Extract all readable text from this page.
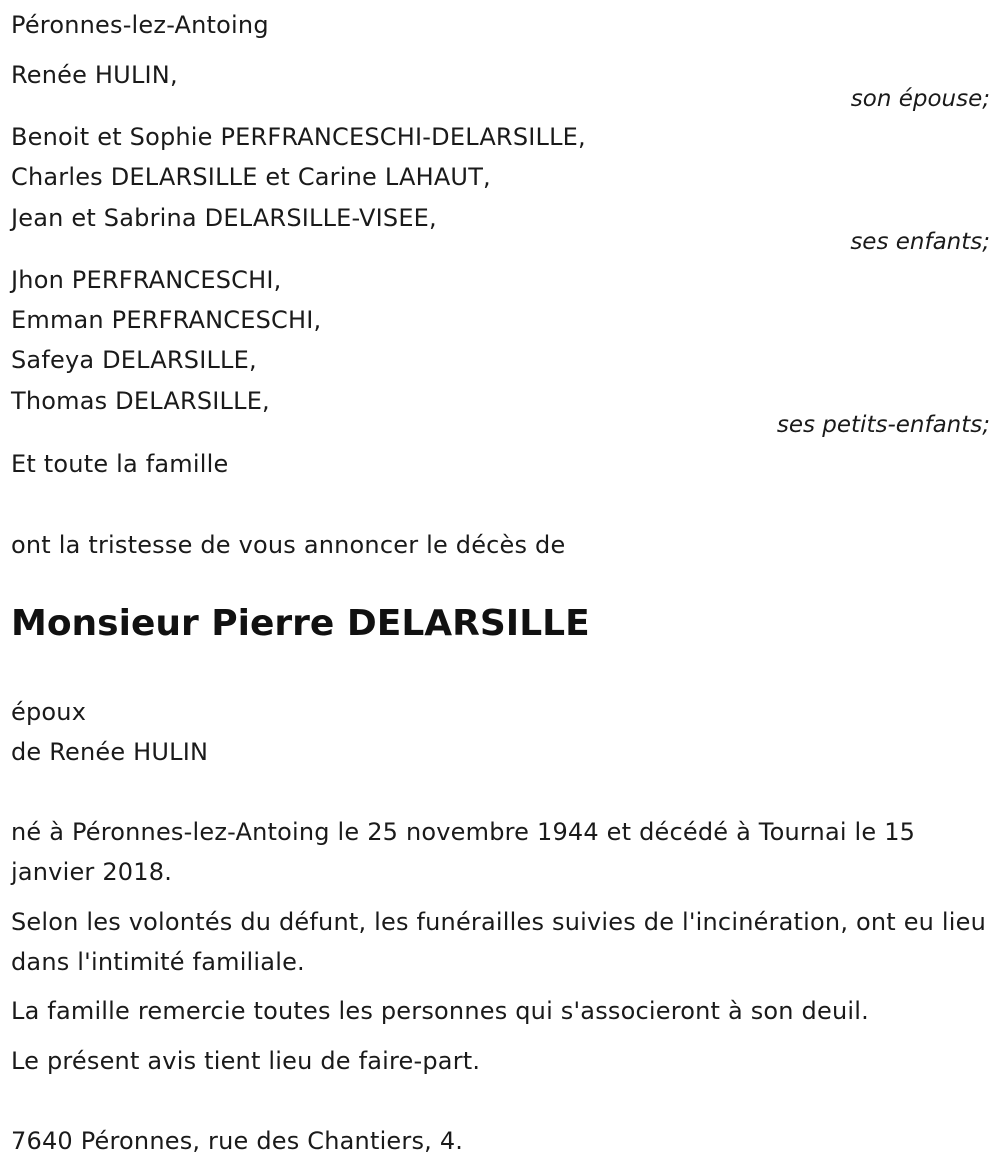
Péronnes-lez-Antoing
Renée HULIN,
son épouse;
Benoit et Sophie PERFRANCESCHI-DELARSILLE,
Charles DELARSILLE et Carine LAHAUT,
Jean et Sabrina DELARSILLE-VISEE,
ses enfants;
Jhon PERFRANCESCHI,
Emman PERFRANCESCHI,
Safeya DELARSILLE,
Thomas DELARSILLE,
ses petits-enfants;
Et toute la famille
ont la tristesse de vous annoncer le décès de
Monsieur Pierre DELARSILLE
époux
de Renée HULIN
né à Péronnes-lez-Antoing le 25 novembre 1944 et décédé à Tournai le 15 janvier 2018.
Selon les volontés du défunt, les funérailles suivies de l'incinération, ont eu lieu dans l'intimité familiale.
La famille remercie toutes les personnes qui s'associeront à son deuil.
Le présent avis tient lieu de faire-part.
7640 Péronnes, rue des Chantiers, 4.
